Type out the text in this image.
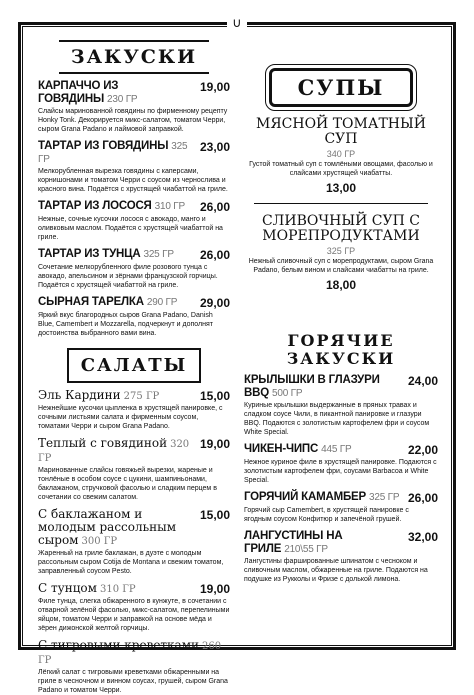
∪
ЗАКУСКИ
КАРПАЧЧО ИЗ ГОВЯДИНЫ 230 ГР
19,00
Слайсы маринованной говядины по фирменному рецепту Honky Tonk. Декорируется микс-салатом, томатом Черри, сыром Grana Padano и лаймовой заправкой.
ТАРТАР ИЗ ГОВЯДИНЫ 325 ГР
23,00
Мелкорубленная вырезка говядины с каперсами, корнишонами и томатом Черри с соусом из чернослива и красного вина. Подаётся с хрустящей чиабаттой на гриле.
ТАРТАР ИЗ ЛОСОСЯ 310 ГР 26,00
Нежные, сочные кусочки лосося с авокадо, манго и оливковым маслом. Подаётся с хрустящей чиабаттой на гриле.
ТАРТАР ИЗ ТУНЦА 325 ГР 26,00
Сочетание мелкорубленного филе розового тунца с авокадо, апельсином и зёрнами французской горчицы. Подаётся с хрустящей чиабаттой на гриле.
СЫРНАЯ ТАРЕЛКА 290 ГР 29,00
Яркий вкус благородных сыров Grana Padano, Danish Blue, Camembert и Mozzarella, подчеркнут и дополнят достоинства выбранного вами вина.
САЛАТЫ
Эль Кардини 275 ГР	15,00
Нежнейшие кусочки цыпленка в хрустящей панировке, с сочными листьями салата и фирменным соусом, томатами Черри и сыром Grana Padano.
Теплый с говядиной 320 ГР
19,00
Маринованные слайсы говяжьей вырезки, жареные и тонлёные в особом соусе с цукини, шампиньонами, баклажаном, стручковой фасолью и сладким перцем в сочетании со свежим салатом.
С баклажаном и молодым рассольным сыром 300 ГР
15,00
Жаренный на гриле баклажан, в дуэте с молодым рассольным сыром Cotija de Montana и свежим томатом, заправленный соусом Pesto.
С тунцом 310 ГР	19,00
Филе тунца, слегка обжаренного в кунжуте, в сочетании с отварной зелёной фасолью, микс-салатом, перепелиными яйцом, томатом Черри и заправкой на основе мёда и зёрен дижонской желтой горчицы.
С тигровыми креветками 260 ГР
Лёгкий салат с тигровыми креветками обжаренными на гриле в чесночном и винном соусах, грушей, сыром Grana Padano и томатом Черри.
СУПЫ
МЯСНОЙ ТОМАТНЫЙ СУП
340 ГР
Густой томатный суп с томлёными овощами, фасолью и слайсами хрустящей чиабатты.
13,00
СЛИВОЧНЫЙ СУП С МОРЕПРОДУКТАМИ
325 ГР
Нежный сливочный суп с морепродуктами, сыром Grana Padano, белым вином и слайсами чиабатты на гриле.
18,00
ГОРЯЧИЕ ЗАКУСКИ
КРЫЛЫШКИ В ГЛАЗУРИ BBQ 500 ГР
24,00
Куриные крылышки выдержанные в пряных травах и сладком соусе Чили, в пикантной панировке и глазури BBQ. Подаются с золотистым картофелем фри и соусом White Special.
ЧИКЕН-ЧИПС 445 ГР	22,00
Нежное куриное филе в хрустящей панировке. Подаются с золотистым картофелем фри, соусами Barbacoa и White Special.
ГОРЯЧИЙ КАМАМБЕР 325 ГР 26,00
Горячий сыр Camembert, в хрустящей панировке с ягодным соусом Конфитюр и запечёной грушей.
ЛАНГУСТИНЫ НА ГРИЛЕ 210\55 ГР
32,00
Лангустины фаршированные шпинатом с чесноком и сливочным маслом, обжаренные на гриле. Подаются на подушке из Рукколы и Фризе с долькой лимона.
